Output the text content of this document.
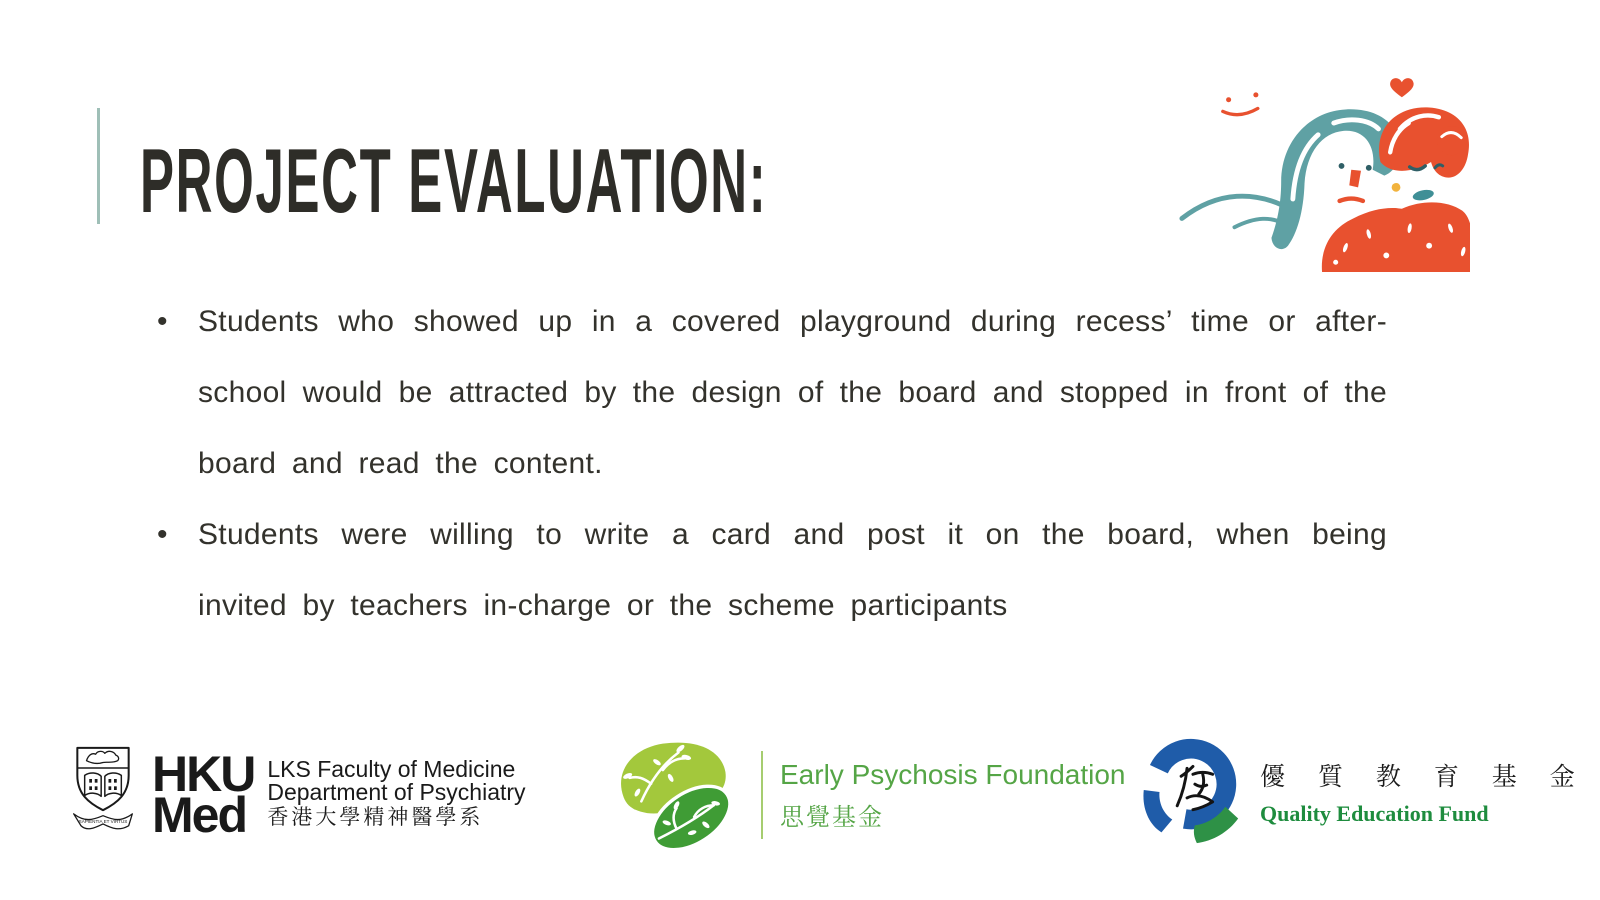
PROJECT EVALUATION:
• Students who showed up in a covered playground during recess’ time or after-school would be attracted by the design of the board and stopped in front of the board and read the content.
• Students were willing to write a card and post it on the board, when being invited by teachers in-charge or the scheme participants
SAPIENTIA ET VIRTUS
HKU
Med
LKS Faculty of Medicine
Department of Psychiatry
香港大學精神醫學系
Early Psychosis Foundation
思覺基金
優 質 教 育 基 金
Quality Education Fund
